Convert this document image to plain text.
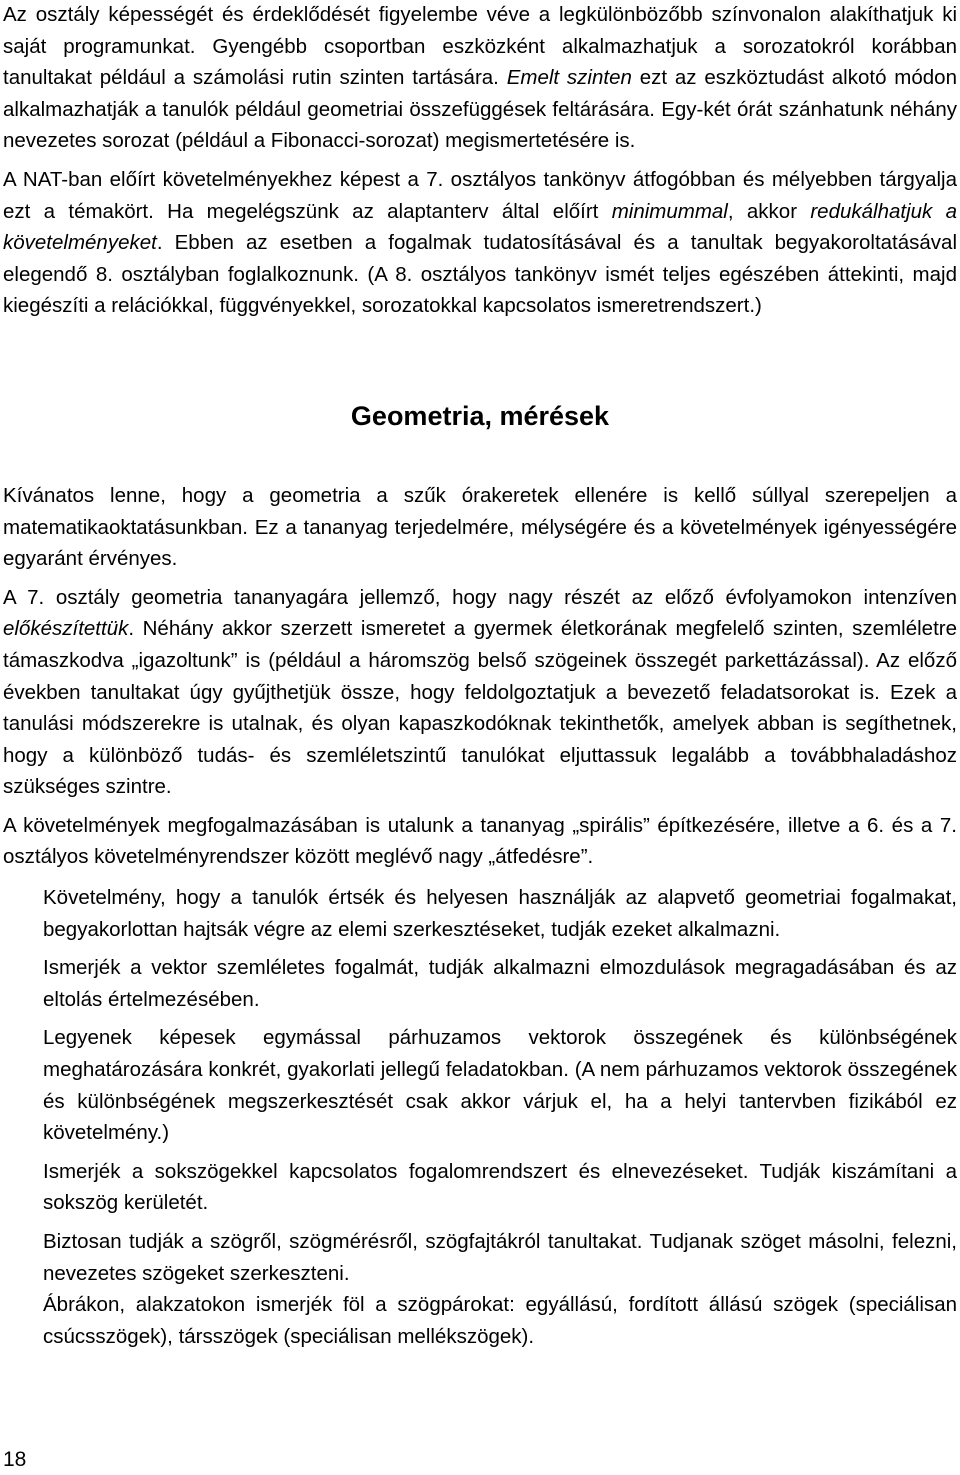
Az osztály képességét és érdeklődését figyelembe véve a legkülönbözőbb színvonalon alakíthatjuk ki saját programunkat. Gyengébb csoportban eszközként alkalmazhatjuk a sorozatokról korábban tanultakat például a számolási rutin szinten tartására. Emelt szinten ezt az eszköztudást alkotó módon alkalmazhatják a tanulók például geometriai összefüggések feltárására. Egy-két órát szánhatunk néhány nevezetes sorozat (például a Fibonacci-sorozat) megismertetésére is.

A NAT-ban előírt követelményekhez képest a 7. osztályos tankönyv átfogóbban és mélyebben tárgyalja ezt a témakört. Ha megelégszünk az alaptanterv által előírt minimummal, akkor redukálhatjuk a követelményeket. Ebben az esetben a fogalmak tudatosításával és a tanultak begyakoroltatásával elegendő 8. osztályban foglalkoznunk. (A 8. osztályos tankönyv ismét teljes egészében áttekinti, majd kiegészíti a relációkkal, függvényekkel, sorozatokkal kapcsolatos ismeretrendszert.)

Geometria, mérések

Kívánatos lenne, hogy a geometria a szűk órakeretek ellenére is kellő súllyal szerepeljen a matematikaoktatásunkban. Ez a tananyag terjedelmére, mélységére és a követelmények igényességére egyaránt érvényes.

A 7. osztály geometria tananyagára jellemző, hogy nagy részét az előző évfolyamokon intenzíven előkészítettük. Néhány akkor szerzett ismeretet a gyermek életkorának megfelelő szinten, szemléletre támaszkodva „igazoltunk” is (például a háromszög belső szögeinek összegét parkettázással). Az előző években tanultakat úgy gyűjthetjük össze, hogy feldolgoztatjuk a bevezető feladatsorokat is. Ezek a tanulási módszerekre is utalnak, és olyan kapaszkodóknak tekinthetők, amelyek abban is segíthetnek, hogy a különböző tudás- és szemléletszintű tanulókat eljuttassuk legalább a továbbhaladáshoz szükséges szintre.

A követelmények megfogalmazásában is utalunk a tananyag „spirális” építkezésére, illetve a 6. és a 7. osztályos követelményrendszer között meglévő nagy „átfedésre”.

Követelmény, hogy a tanulók értsék és helyesen használják az alapvető geometriai fogalmakat, begyakorlottan hajtsák végre az elemi szerkesztéseket, tudják ezeket alkalmazni.

Ismerjék a vektor szemléletes fogalmát, tudják alkalmazni elmozdulások megragadásában és az eltolás értelmezésében.

Legyenek képesek egymással párhuzamos vektorok összegének és különbségének meghatározására konkrét, gyakorlati jellegű feladatokban. (A nem párhuzamos vektorok összegének és különbségének megszerkesztését csak akkor várjuk el, ha a helyi tantervben fizikából ez követelmény.)

Ismerjék a sokszögekkel kapcsolatos fogalomrendszert és elnevezéseket. Tudják kiszámítani a sokszög kerületét.

Biztosan tudják a szögről, szögmérésről, szögfajtákról tanultakat. Tudjanak szöget másolni, felezni, nevezetes szögeket szerkeszteni.

Ábrákon, alakzatokon ismerjék föl a szögpárokat: egyállású, fordított állású szögek (speciálisan csúcsszögek), társszögek (speciálisan mellékszögek).

18
